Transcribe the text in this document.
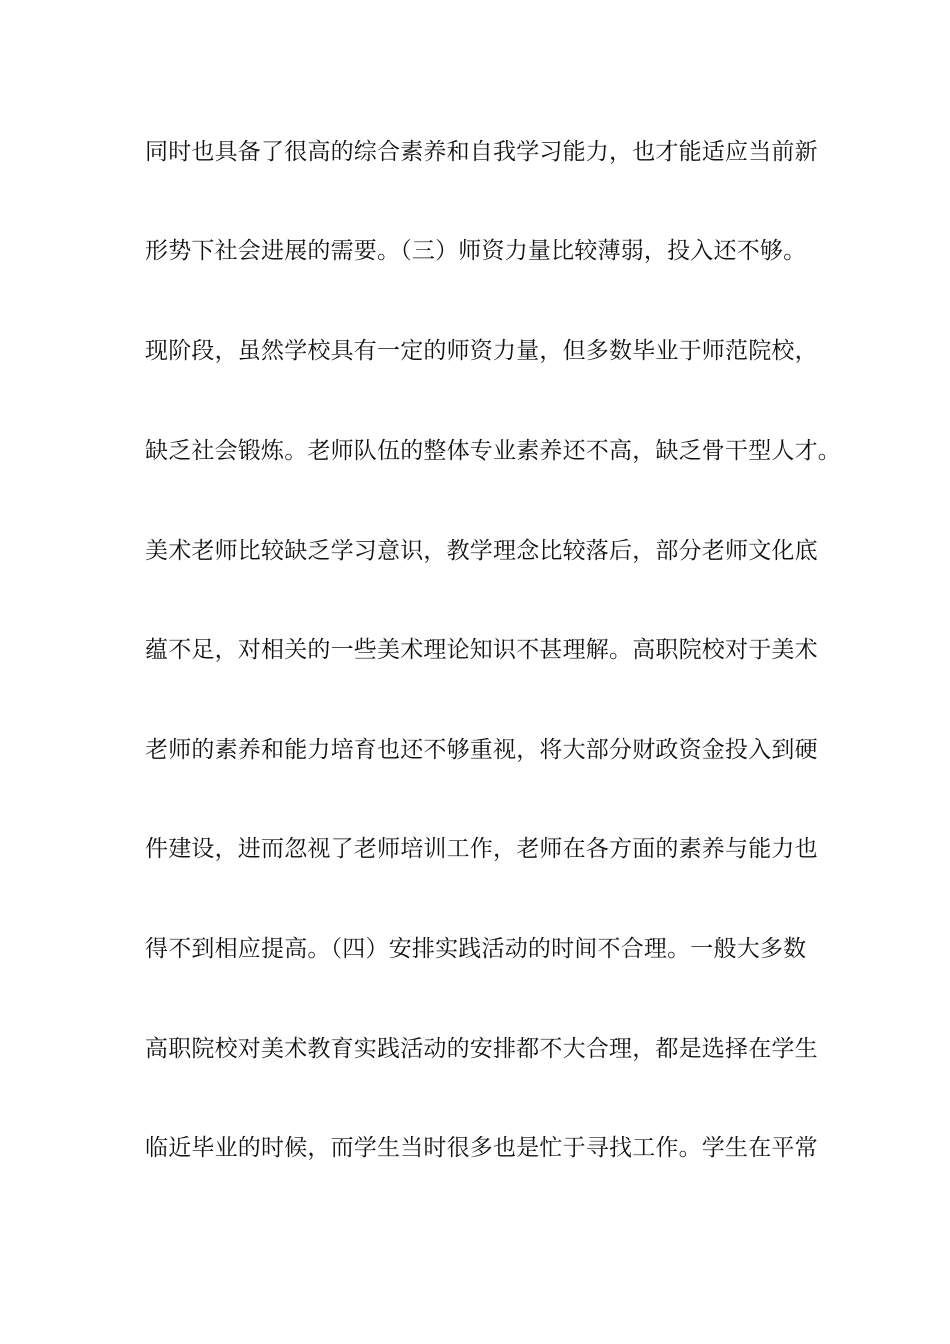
同时也具备了很高的综合素养和自我学习能力，也才能适应当前新
形势下社会进展的需要。（三）师资力量比较薄弱，投入还不够。
现阶段，虽然学校具有一定的师资力量，但多数毕业于师范院校，
缺乏社会锻炼。老师队伍的整体专业素养还不高，缺乏骨干型人才。
美术老师比较缺乏学习意识，教学理念比较落后，部分老师文化底
蕴不足，对相关的一些美术理论知识不甚理解。高职院校对于美术
老师的素养和能力培育也还不够重视，将大部分财政资金投入到硬
件建设，进而忽视了老师培训工作，老师在各方面的素养与能力也
得不到相应提高。（四）安排实践活动的时间不合理。一般大多数
高职院校对美术教育实践活动的安排都不大合理，都是选择在学生
临近毕业的时候，而学生当时很多也是忙于寻找工作。学生在平常
